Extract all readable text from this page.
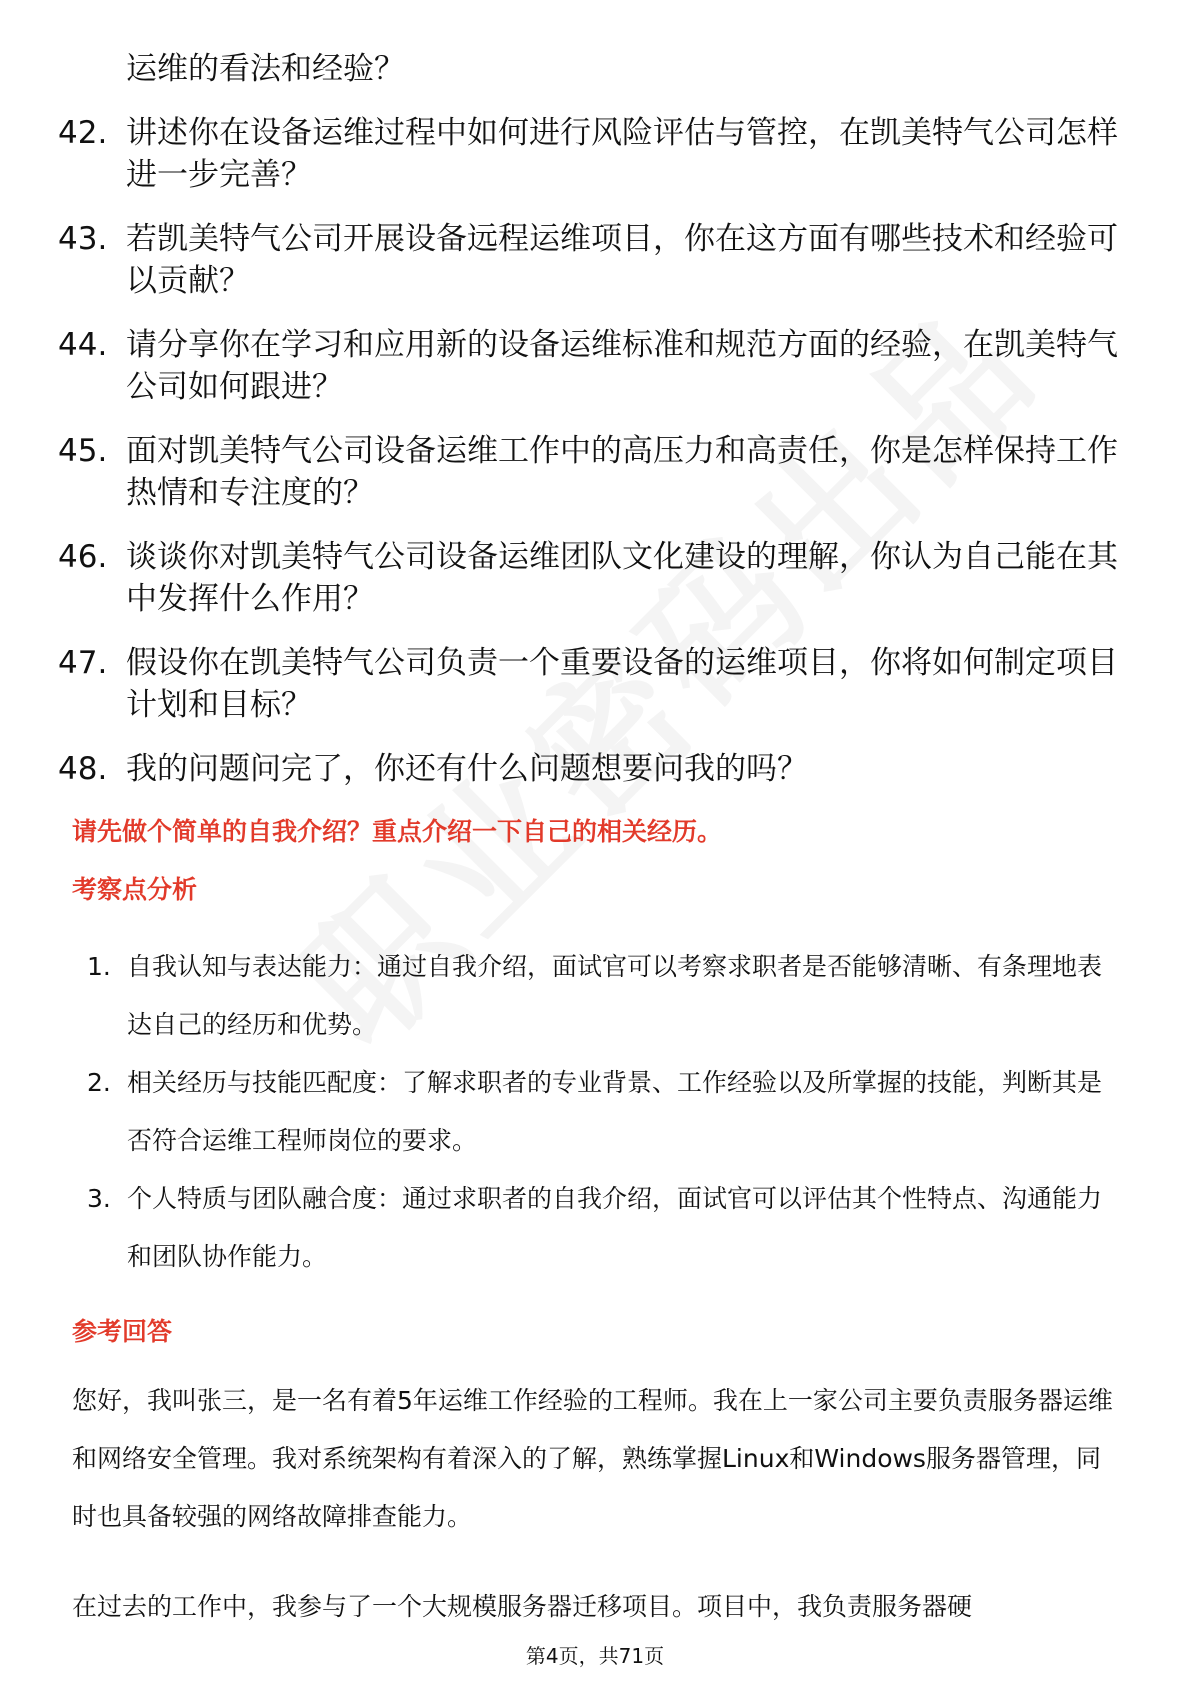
运维的看法和经验？
42. 讲述你在设备运维过程中如何进行风险评估与管控，在凯美特气公司怎样进一步完善？
43. 若凯美特气公司开展设备远程运维项目，你在这方面有哪些技术和经验可以贡献？
44. 请分享你在学习和应用新的设备运维标准和规范方面的经验，在凯美特气公司如何跟进？
45. 面对凯美特气公司设备运维工作中的高压力和高责任，你是怎样保持工作热情和专注度的？
46. 谈谈你对凯美特气公司设备运维团队文化建设的理解，你认为自己能在其中发挥什么作用？
47. 假设你在凯美特气公司负责一个重要设备的运维项目，你将如何制定项目计划和目标？
48. 我的问题问完了，你还有什么问题想要问我的吗？
请先做个简单的自我介绍？重点介绍一下自己的相关经历。
考察点分析
1. 自我认知与表达能力：通过自我介绍，面试官可以考察求职者是否能够清晰、有条理地表达自己的经历和优势。
2. 相关经历与技能匹配度：了解求职者的专业背景、工作经验以及所掌握的技能，判断其是否符合运维工程师岗位的要求。
3. 个人特质与团队融合度：通过求职者的自我介绍，面试官可以评估其个性特点、沟通能力和团队协作能力。
参考回答
您好，我叫张三，是一名有着5年运维工作经验的工程师。我在上一家公司主要负责服务器运维和网络安全管理。我对系统架构有着深入的了解，熟练掌握Linux和Windows服务器管理，同时也具备较强的网络故障排查能力。
在过去的工作中，我参与了一个大规模服务器迁移项目。项目中，我负责服务器硬
第4页，共71页
